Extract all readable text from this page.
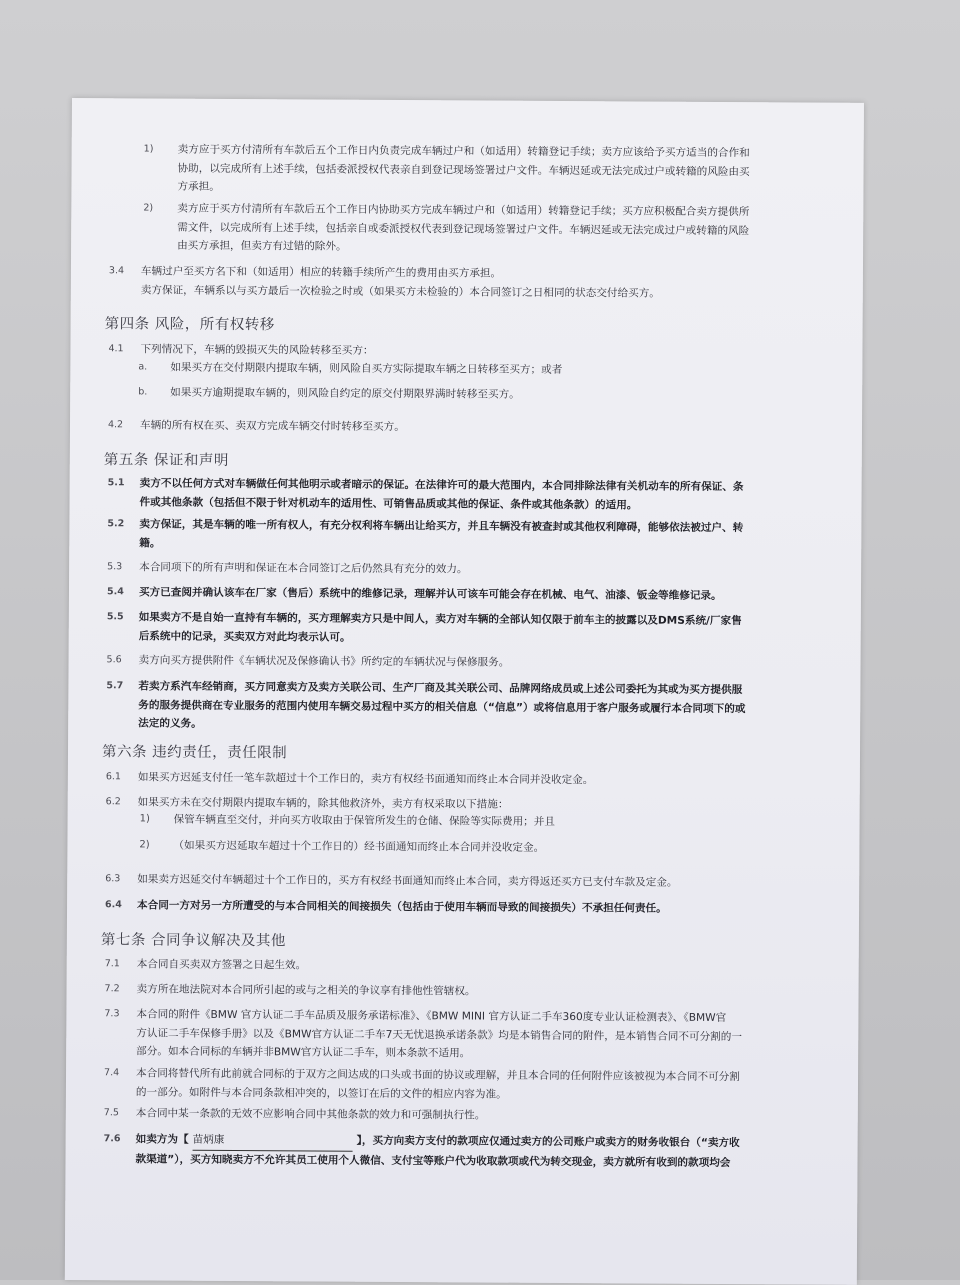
1)	卖方应于买方付清所有车款后五个工作日内负责完成车辆过户和（如适用）转籍登记手续；卖方应该给予买方适当的合作和
协助，以完成所有上述手续，包括委派授权代表亲自到登记现场签署过户文件。车辆迟延或无法完成过户或转籍的风险由买
方承担。
2)	卖方应于买方付清所有车款后五个工作日内协助买方完成车辆过户和（如适用）转籍登记手续；买方应积极配合卖方提供所
需文件，以完成所有上述手续，包括亲自或委派授权代表到登记现场签署过户文件。车辆迟延或无法完成过户或转籍的风险
由买方承担，但卖方有过错的除外。
3.4	车辆过户至买方名下和（如适用）相应的转籍手续所产生的费用由买方承担。
卖方保证，车辆系以与买方最后一次检验之时或（如果买方未检验的）本合同签订之日相同的状态交付给买方。
第四条 风险，所有权转移
4.1	下列情况下，车辆的毁损灭失的风险转移至买方：
a.	如果买方在交付期限内提取车辆，则风险自买方实际提取车辆之日转移至买方；或者
b.	如果买方逾期提取车辆的，则风险自约定的原交付期限界满时转移至买方。
4.2	车辆的所有权在买、卖双方完成车辆交付时转移至买方。
第五条 保证和声明
5.1	卖方不以任何方式对车辆做任何其他明示或者暗示的保证。在法律许可的最大范围内，本合同排除法律有关机动车的所有保证、条
件或其他条款（包括但不限于针对机动车的适用性、可销售品质或其他的保证、条件或其他条款）的适用。
5.2	卖方保证，其是车辆的唯一所有权人，有充分权利将车辆出让给买方，并且车辆没有被查封或其他权利障碍，能够依法被过户、转
籍。
5.3	本合同项下的所有声明和保证在本合同签订之后仍然具有充分的效力。
5.4	买方已查阅并确认该车在厂家（售后）系统中的维修记录，理解并认可该车可能会存在机械、电气、油漆、钣金等维修记录。
5.5	如果卖方不是自始一直持有车辆的，买方理解卖方只是中间人，卖方对车辆的全部认知仅限于前车主的披露以及DMS系统/厂家售
后系统中的记录，买卖双方对此均表示认可。
5.6	卖方向买方提供附件《车辆状况及保修确认书》所约定的车辆状况与保修服务。
5.7	若卖方系汽车经销商，买方同意卖方及卖方关联公司、生产厂商及其关联公司、品牌网络成员或上述公司委托为其或为买方提供服
务的服务提供商在专业服务的范围内使用车辆交易过程中买方的相关信息（“信息”）或将信息用于客户服务或履行本合同项下的或
法定的义务。
第六条 违约责任，责任限制
6.1	如果买方迟延支付任一笔车款超过十个工作日的，卖方有权经书面通知而终止本合同并没收定金。
6.2	如果买方未在交付期限内提取车辆的，除其他救济外，卖方有权采取以下措施：
1)	保管车辆直至交付，并向买方收取由于保管所发生的仓储、保险等实际费用；并且
2)	（如果买方迟延取车超过十个工作日的）经书面通知而终止本合同并没收定金。
6.3	如果卖方迟延交付车辆超过十个工作日的，买方有权经书面通知而终止本合同，卖方得返还买方已支付车款及定金。
6.4	本合同一方对另一方所遭受的与本合同相关的间接损失（包括由于使用车辆而导致的间接损失）不承担任何责任。
第七条 合同争议解决及其他
7.1	本合同自买卖双方签署之日起生效。
7.2	卖方所在地法院对本合同所引起的或与之相关的争议享有排他性管辖权。
7.3	本合同的附件《BMW 官方认证二手车品质及服务承诺标准》、《BMW MINI 官方认证二手车360度专业认证检测表》、《BMW官
方认证二手车保修手册》以及《BMW官方认证二手车7天无忧退换承诺条款》均是本销售合同的附件，是本销售合同不可分割的一
部分。如本合同标的车辆并非BMW官方认证二手车，则本条款不适用。
7.4	本合同将替代所有此前就合同标的于双方之间达成的口头或书面的协议或理解，并且本合同的任何附件应该被视为本合同不可分割
的一部分。如附件与本合同条款相冲突的，以签订在后的文件的相应内容为准。
7.5	本合同中某一条款的无效不应影响合同中其他条款的效力和可强制执行性。
7.6	如卖方为【 苗炳康	】，买方向卖方支付的款项应仅通过卖方的公司账户或卖方的财务收银台（“卖方收
款渠道”），买方知晓卖方不允许其员工使用个人微信、支付宝等账户代为收取款项或代为转交现金，卖方就所有收到的款项均会
